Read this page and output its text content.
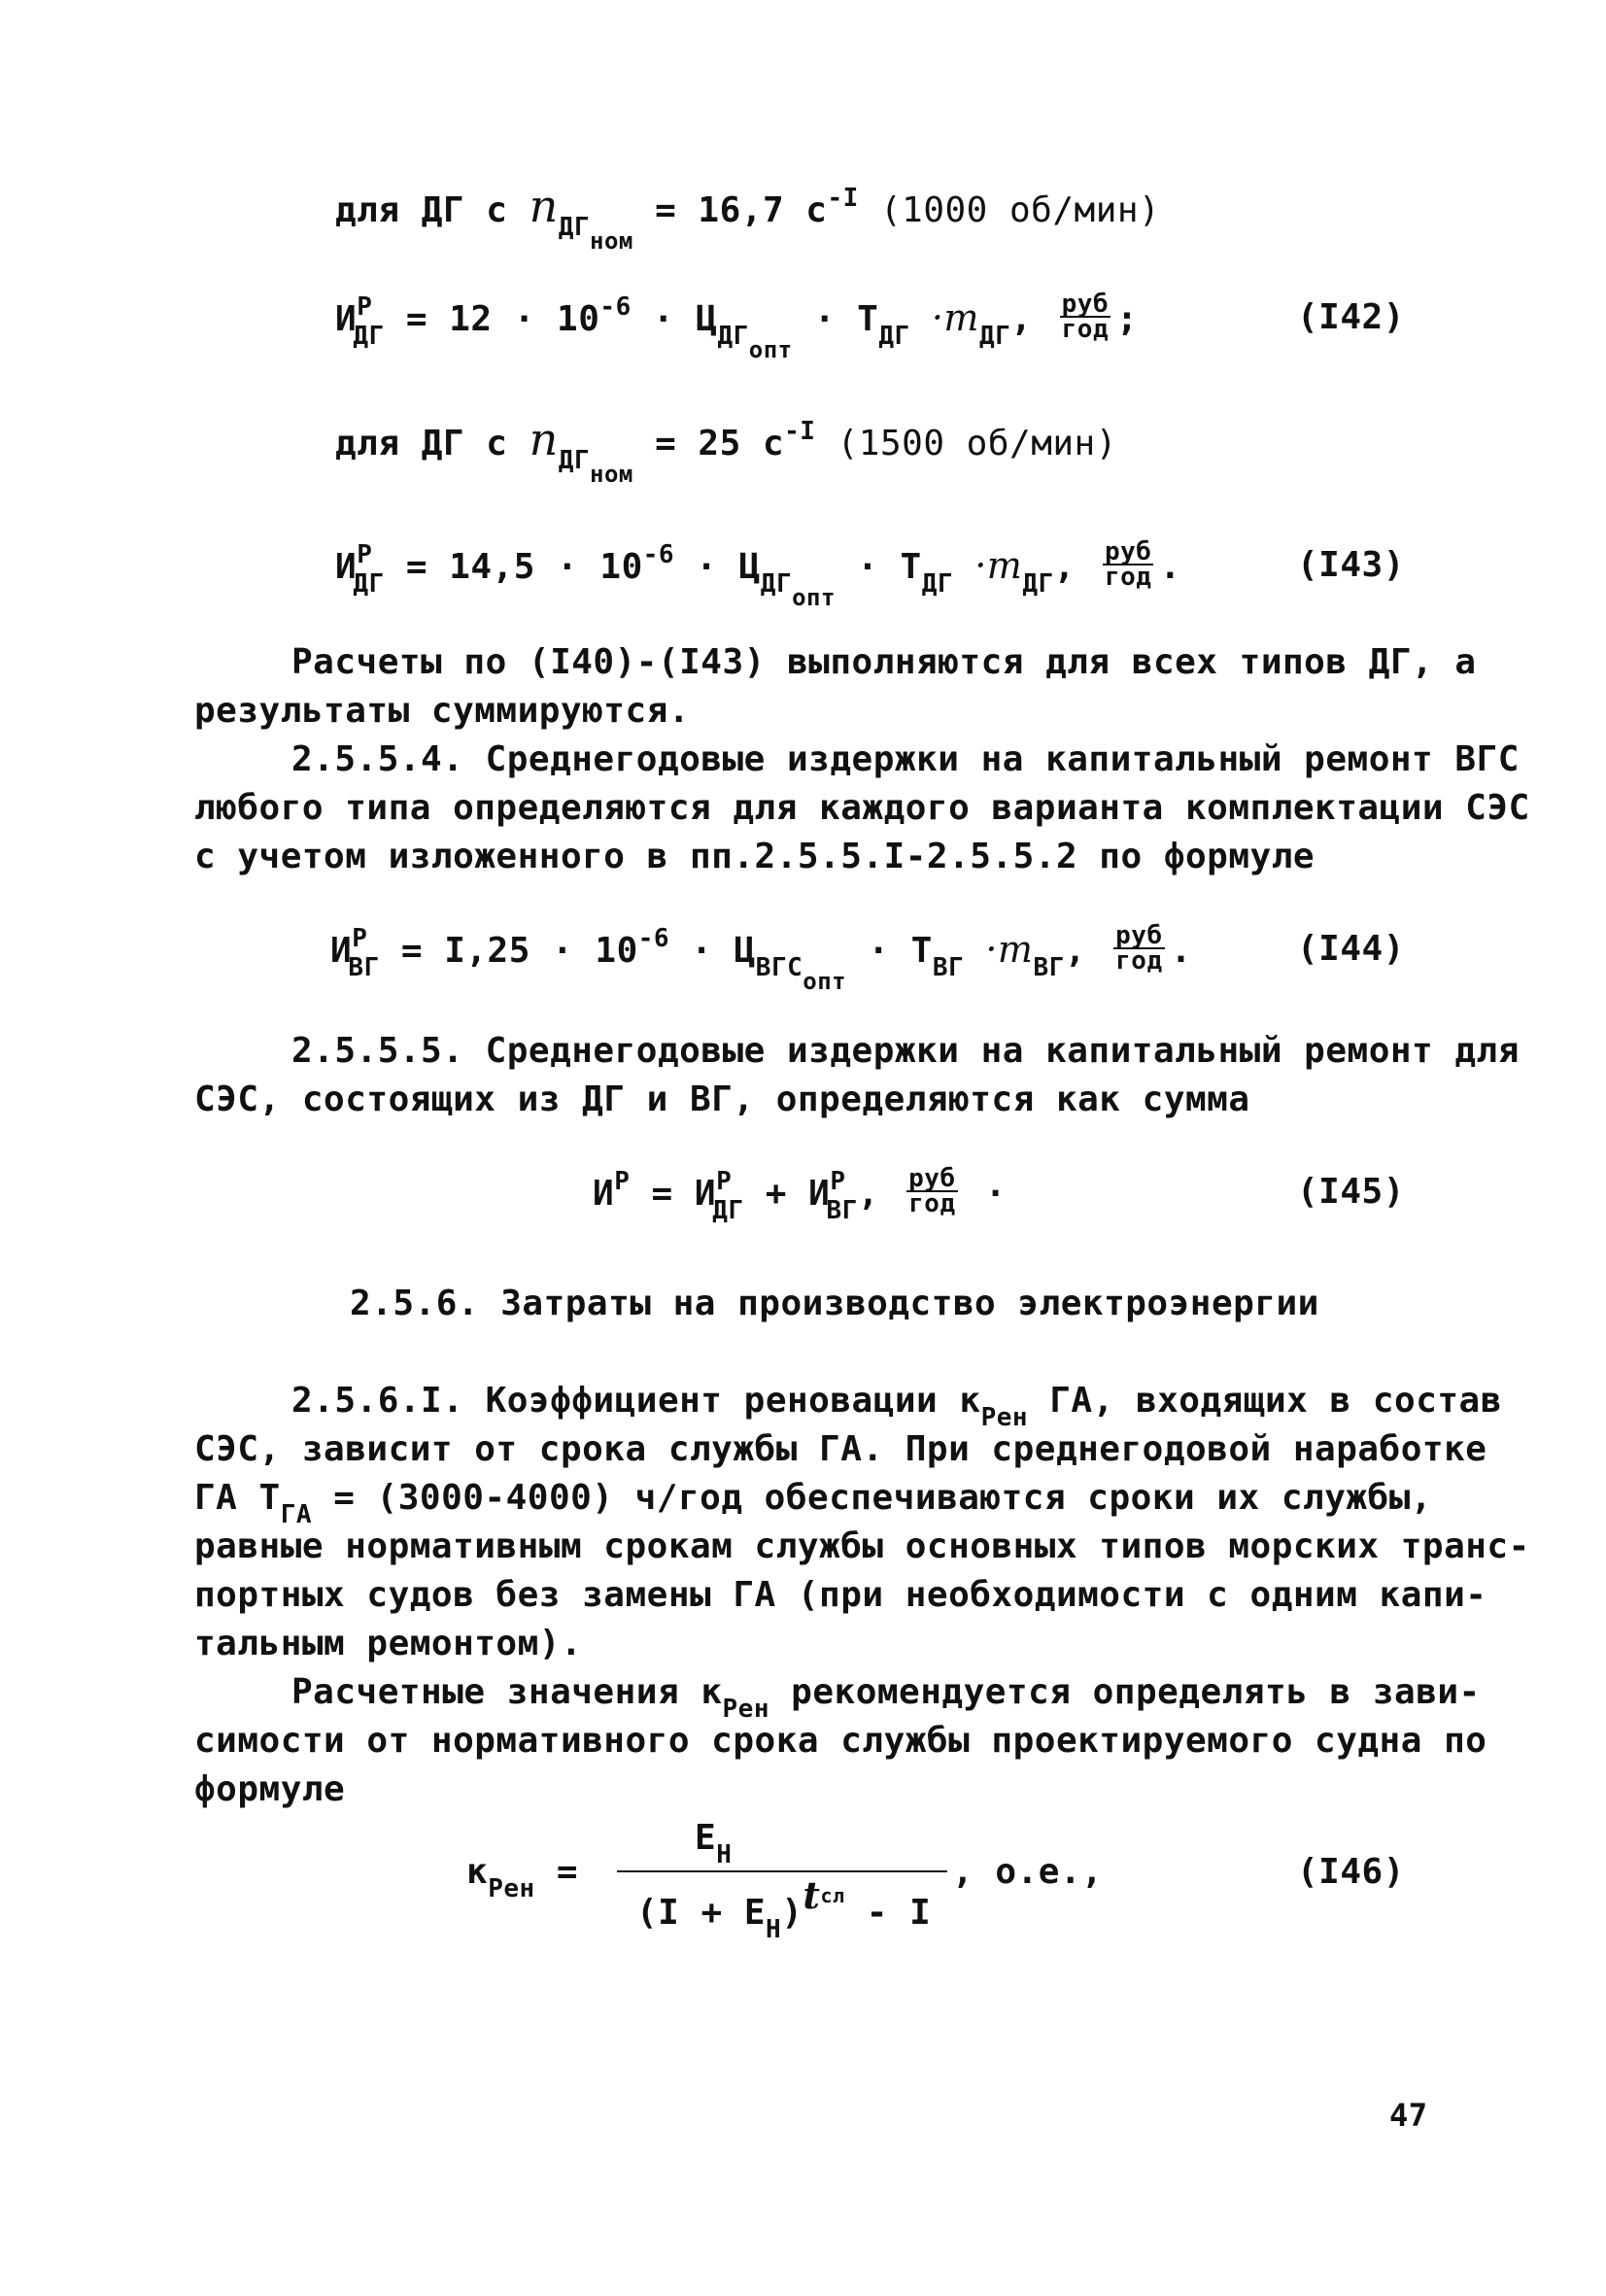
для ДГ с $n_{ДГном} = 16,7$ $с^{-I}$ (1000 об/мин)
$И^Р_{ДГ} = 12 \cdot 10^{-6} \cdot Ц_{ДГопт} \cdot Т_{ДГ} \cdot m_{ДГ}$, $\frac{\text{руб}}{\text{год}}$ ;	(I42)
для ДГ с $n_{ДГном} = 25$ $с^{-I}$ (1500 об/мин)
$И^Р_{ДГ} = 14,5 \cdot 10^{-6} \cdot Ц_{ДГопт} \cdot Т_{ДГ} \cdot m_{ДГ}$, $\frac{\text{руб}}{\text{год}}$ .	(I43)
Расчеты по (I40)-(I43) выполняются для всех типов ДГ, а
результаты суммируются.
2.5.5.4. Среднегодовые издержки на капитальный ремонт ВГС
любого типа определяются для каждого варианта комплектации СЭС
с учетом изложенного в пп.2.5.5.I-2.5.5.2 по формуле
$И^Р_{ВГ} = I,25 \cdot 10^{-6} \cdot Ц_{ВГСопт} \cdot Т_{ВГ} \cdot m_{ВГ}$, $\frac{\text{руб}}{\text{год}}$ .	(I44)
2.5.5.5. Среднегодовые издержки на капитальный ремонт для
СЭС, состоящих из ДГ и ВГ, определяются как сумма
$И^Р = И^Р_{ДГ} + И^Р_{ВГ}$, $\frac{\text{руб}}{\text{год}}$ ·	(I45)
2.5.6. Затраты на производство электроэнергии
2.5.6.I. Коэффициент реновации $к_{Рен}$ ГА, входящих в состав
СЭС, зависит от срока службы ГА. При среднегодовой наработке
ГА $Т_{ГА} = (3000-4000)$ ч/год обеспечиваются сроки их службы,
равные нормативным срокам службы основных типов морских транс-
портных судов без замены ГА (при необходимости с одним капи-
тальным ремонтом).
Расчетные значения $к_{Рен}$ рекомендуется определять в зави-
симости от нормативного срока службы проектируемого судна по
формуле
$к_{Рен}$ =
$Е_Н$
$(I + Е_Н)t^{сл} - I$
, о.е.,	(I46)
47
